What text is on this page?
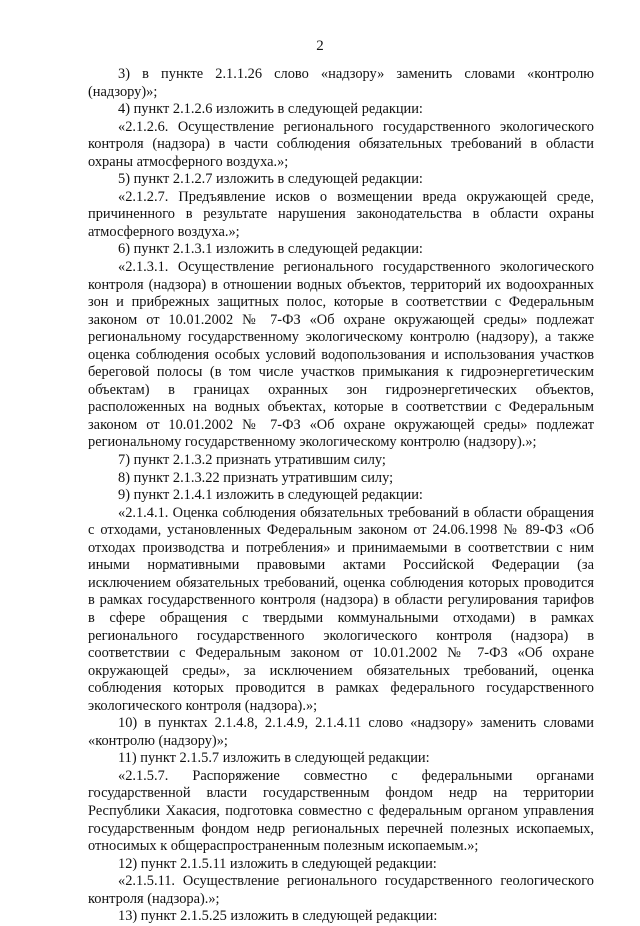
2

3) в пункте 2.1.1.26 слово «надзору» заменить словами «контролю (надзору)»;

4) пункт 2.1.2.6 изложить в следующей редакции:

«2.1.2.6. Осуществление регионального государственного экологического контроля (надзора) в части соблюдения обязательных требований в области охраны атмосферного воздуха.»;

5) пункт 2.1.2.7 изложить в следующей редакции:

«2.1.2.7. Предъявление исков о возмещении вреда окружающей среде, причиненного в результате нарушения законодательства в области охраны атмосферного воздуха.»;

6) пункт 2.1.3.1 изложить в следующей редакции:

«2.1.3.1. Осуществление регионального государственного экологического контроля (надзора) в отношении водных объектов, территорий их водоохранных зон и прибрежных защитных полос, которые в соответствии с Федеральным законом от 10.01.2002 № 7-ФЗ «Об охране окружающей среды» подлежат региональному государственному экологическому контролю (надзору), а также оценка соблюдения особых условий водопользования и использования участков береговой полосы (в том числе участков примыкания к гидроэнергетическим объектам) в границах охранных зон гидроэнергетических объектов, расположенных на водных объектах, которые в соответствии с Федеральным законом от 10.01.2002 № 7-ФЗ «Об охране окружающей среды» подлежат региональному государственному экологическому контролю (надзору).»;

7) пункт 2.1.3.2 признать утратившим силу;

8) пункт 2.1.3.22 признать утратившим силу;

9) пункт 2.1.4.1 изложить в следующей редакции:

«2.1.4.1. Оценка соблюдения обязательных требований в области обращения с отходами, установленных Федеральным законом от 24.06.1998 № 89-ФЗ «Об отходах производства и потребления» и принимаемыми в соответствии с ним иными нормативными правовыми актами Российской Федерации (за исключением обязательных требований, оценка соблюдения которых проводится в рамках государственного контроля (надзора) в области регулирования тарифов в сфере обращения с твердыми коммунальными отходами) в рамках регионального государственного экологического контроля (надзора) в соответствии с Федеральным законом от 10.01.2002 № 7-ФЗ «Об охране окружающей среды», за исключением обязательных требований, оценка соблюдения которых проводится в рамках федерального государственного экологического контроля (надзора).»;

10) в пунктах 2.1.4.8, 2.1.4.9, 2.1.4.11 слово «надзору» заменить словами «контролю (надзору)»;

11) пункт 2.1.5.7 изложить в следующей редакции:

«2.1.5.7. Распоряжение совместно с федеральными органами государственной власти государственным фондом недр на территории Республики Хакасия, подготовка совместно с федеральным органом управления государственным фондом недр региональных перечней полезных ископаемых, относимых к общераспространенным полезным ископаемым.»;

12) пункт 2.1.5.11 изложить в следующей редакции:

«2.1.5.11. Осуществление регионального государственного геологического контроля (надзора).»;

13) пункт 2.1.5.25 изложить в следующей редакции:
